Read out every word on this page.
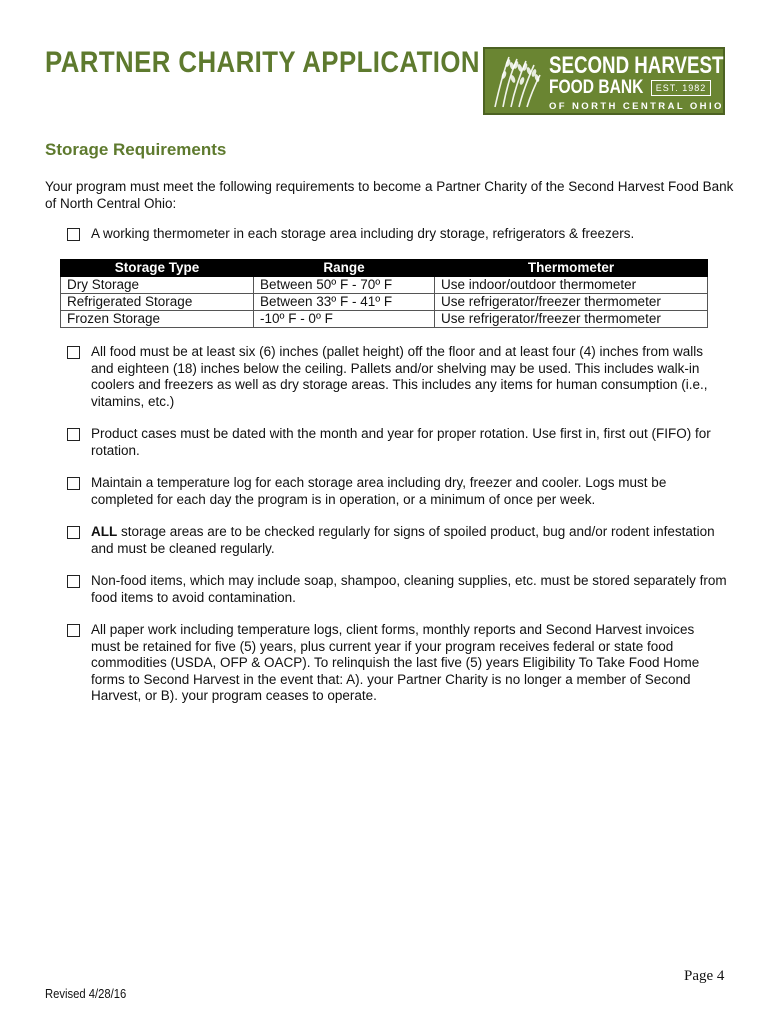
PARTNER CHARITY APPLICATION	SECOND HARVEST
FOOD BANK	EST. 1982
OF NORTH CENTRAL OHIO
Storage Requirements
Your program must meet the following requirements to become a Partner Charity of the Second Harvest Food Bank of North Central Ohio:
A working thermometer in each storage area including dry storage, refrigerators & freezers.
Storage Type	Range	Thermometer
Dry Storage	Between 50º F - 70º F	Use indoor/outdoor thermometer
Refrigerated Storage	Between 33º F - 41º F	Use refrigerator/freezer thermometer
Frozen Storage	-10º F - 0º F	Use refrigerator/freezer thermometer
All food must be at least six (6) inches (pallet height) off the floor and at least four (4) inches from walls and eighteen (18) inches below the ceiling. Pallets and/or shelving may be used. This includes walk-in coolers and freezers as well as dry storage areas. This includes any items for human consumption (i.e., vitamins, etc.)
Product cases must be dated with the month and year for proper rotation. Use first in, first out (FIFO) for rotation.
Maintain a temperature log for each storage area including dry, freezer and cooler. Logs must be completed for each day the program is in operation, or a minimum of once per week.
ALL storage areas are to be checked regularly for signs of spoiled product, bug and/or rodent infestation and must be cleaned regularly.
Non-food items, which may include soap, shampoo, cleaning supplies, etc. must be stored separately from food items to avoid contamination.
All paper work including temperature logs, client forms, monthly reports and Second Harvest invoices must be retained for five (5) years, plus current year if your program receives federal or state food commodities (USDA, OFP & OACP). To relinquish the last five (5) years Eligibility To Take Food Home forms to Second Harvest in the event that: A). your Partner Charity is no longer a member of Second Harvest, or B). your program ceases to operate.
Page 4
Revised 4/28/16
